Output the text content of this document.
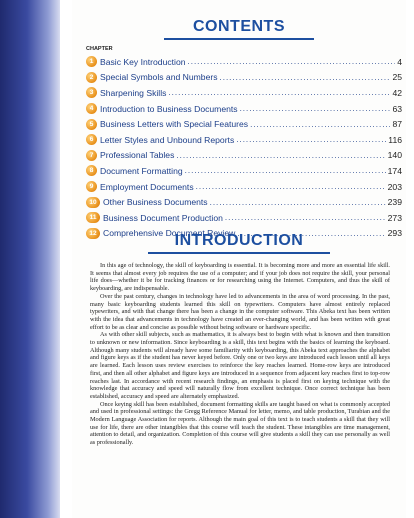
CONTENTS
CHAPTER
1 Basic Key Introduction .....	4
2 Special Symbols and Numbers .....	25
3 Sharpening Skills .....	42
4 Introduction to Business Documents .....	63
5 Business Letters with Special Features .....	87
6 Letter Styles and Unbound Reports .....	116
7 Professional Tables .....	140
8 Document Formatting .....	174
9 Employment Documents .....	203
10 Other Business Documents .....	239
11 Business Document Production .....	273
12 Comprehensive Document Review .....	293
INTRODUCTION

In this age of technology, the skill of keyboarding is essential. It is becoming more and more an essential life skill. It seems that almost every job requires the use of a computer; and if your job does not require the skill, your personal life does—whether it be for tracking finances or for researching using the Internet. Computers, and thus the skill of keyboarding, are indispensable.

Over the past century, changes in technology have led to advancements in the area of word processing. In the past, many basic keyboarding students learned this skill on typewriters. Computers have almost entirely replaced typewriters, and with that change there has been a change in the computer software. This Abeka text has been written with the idea that advancements in technology have created an ever-changing world, and has been written with great effort to be as clear and concise as possible without being software or hardware specific.

As with other skill subjects, such as mathematics, it is always best to begin with what is known and then transition to unknown or new information. Since keyboarding is a skill, this text begins with the basics of learning the keyboard. Although many students will already have some familiarity with keyboarding, this Abeka text approaches the alphabet and figure keys as if the student has never keyed before. Only one or two keys are introduced each lesson until all keys are learned. Each lesson uses review exercises to reinforce the key reaches learned. Home-row keys are introduced first, and then all other alphabet and figure keys are introduced in a sequence from adjacent key reaches first to top-row reaches last. In accordance with recent research findings, an emphasis is placed first on keying technique with the knowledge that accuracy and speed will naturally flow from excellent technique. Once correct technique has been established, accuracy and speed are alternately emphasized.

Once keying skill has been established, document formatting skills are taught based on what is commonly accepted and used in professional settings: the Gregg Reference Manual for letter, memo, and table production, Turabian and the Modern Language Association for reports. Although the main goal of this text is to teach students a skill that they will use for life, there are other intangibles that this course will teach the student. These intangibles are time management, attention to detail, and organization. Completion of this course will give students a skill they can use personally as well as professionally.
